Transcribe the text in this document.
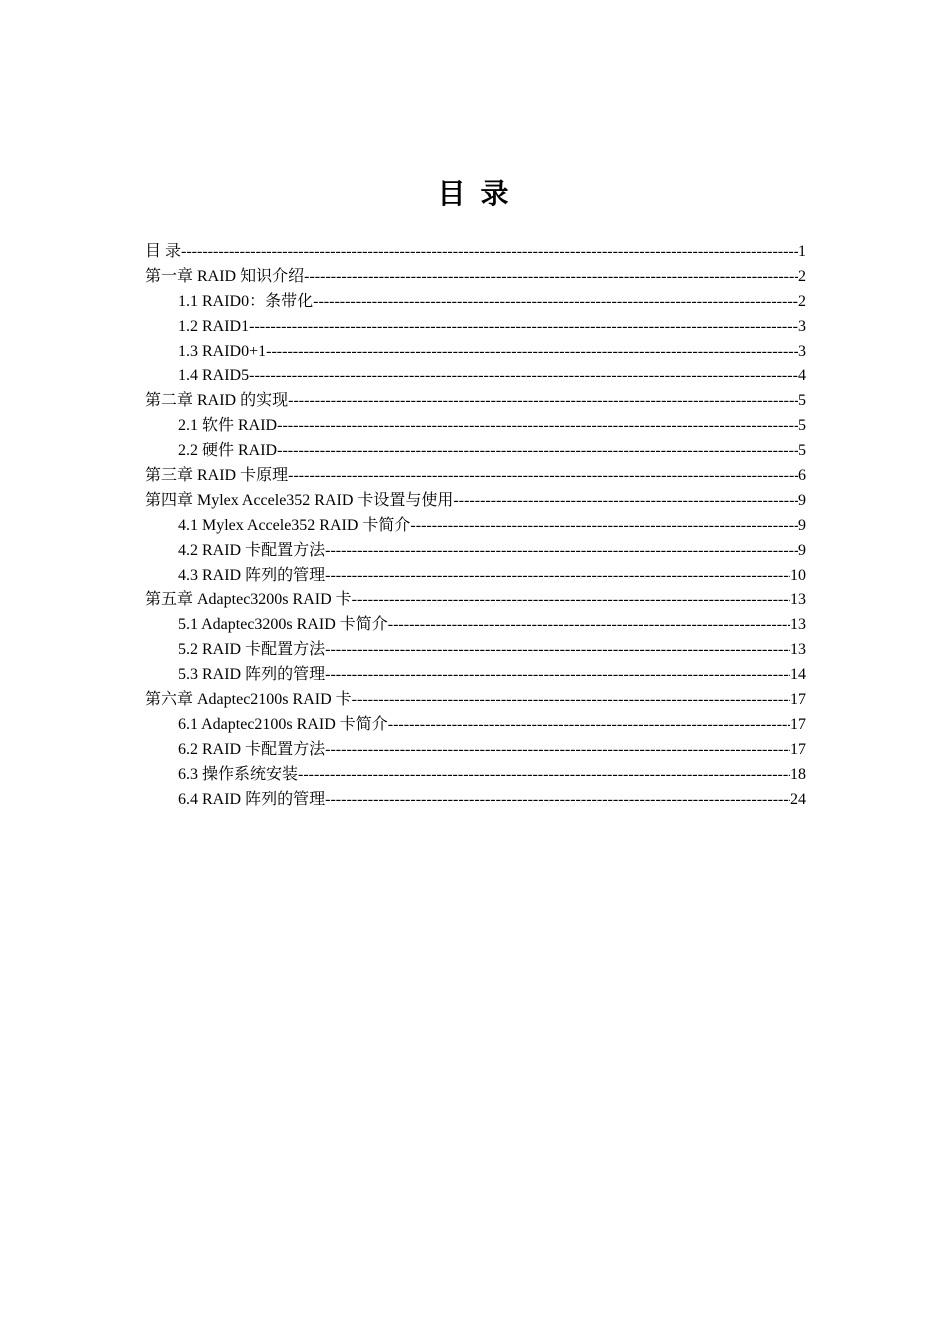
目 录
目 录 -----	1
第一章 RAID 知识介绍 -----	2
1.1 RAID0：条带化 -----	2
1.2 RAID1 -----	3
1.3 RAID0+1 -----	3
1.4 RAID5 -----	4
第二章 RAID 的实现 -----	5
2.1 软件 RAID -----	5
2.2 硬件 RAID -----	5
第三章 RAID 卡原理 -----	6
第四章 Mylex Accele352 RAID 卡设置与使用 -----	9
4.1 Mylex Accele352 RAID 卡简介 -----	9
4.2 RAID 卡配置方法 -----	9
4.3 RAID 阵列的管理 -----	10
第五章 Adaptec3200s RAID 卡 -----	13
5.1 Adaptec3200s RAID 卡简介 -----	13
5.2 RAID 卡配置方法 -----	13
5.3 RAID 阵列的管理 -----	14
第六章 Adaptec2100s RAID 卡 -----	17
6.1 Adaptec2100s RAID 卡简介 -----	17
6.2 RAID 卡配置方法 -----	17
6.3 操作系统安装 -----	18
6.4 RAID 阵列的管理 -----	24
